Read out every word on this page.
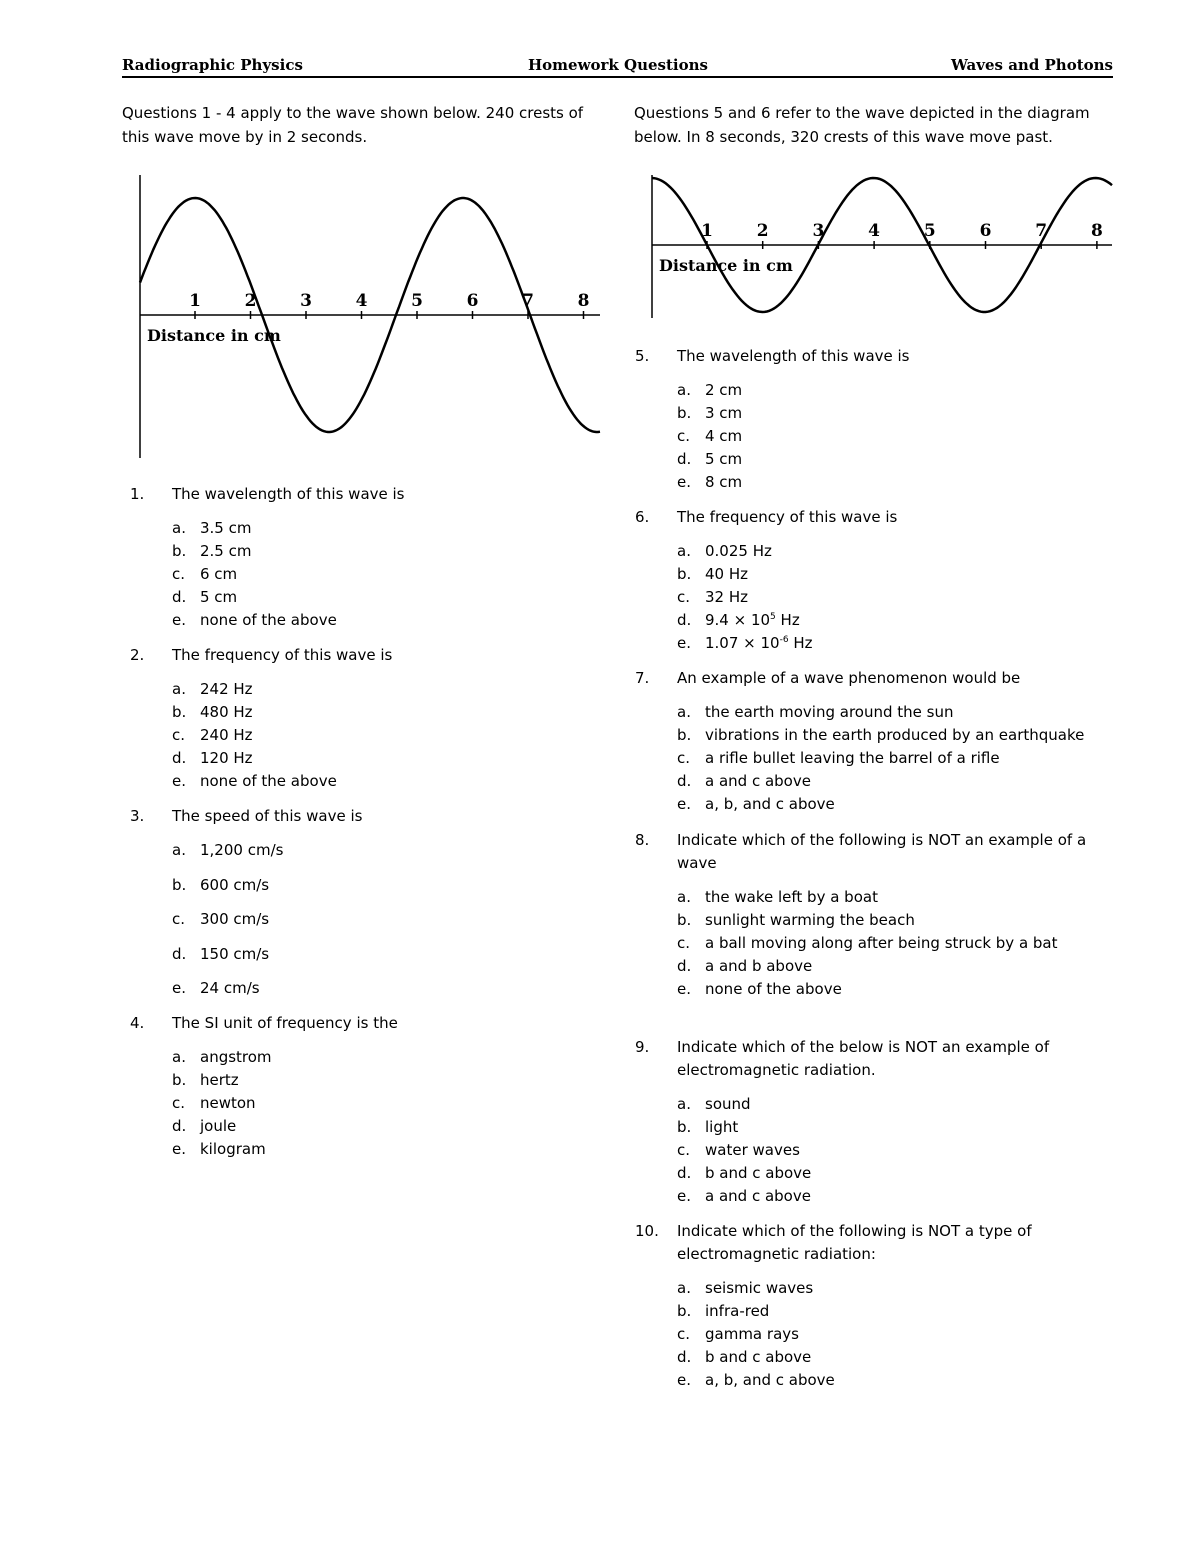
Radiographic Physics	Homework Questions	Waves and Photons
Questions 1 - 4 apply to the wave shown below. 240 crests of this wave move by in 2 seconds.
Questions 5 and 6 refer to the wave depicted in the diagram below. In 8 seconds, 320 crests of this wave move past.
1	2	3	4	5	6	7	8
Distance in cm
1	2	3	4	5	6	7	8
Distance in cm
1.	The wavelength of this wave is
a. 3.5 cm
b. 2.5 cm
c. 6 cm
d. 5 cm
e. none of the above
2.	The frequency of this wave is
a. 242 Hz
b. 480 Hz
c. 240 Hz
d. 120 Hz
e. none of the above
3.	The speed of this wave is
a. 1,200 cm/s
b. 600 cm/s
c. 300 cm/s
d. 150 cm/s
e. 24 cm/s
4.	The SI unit of frequency is the
a. angstrom
b. hertz
c. newton
d. joule
e. kilogram
5.	The wavelength of this wave is
a. 2 cm
b. 3 cm
c. 4 cm
d. 5 cm
e. 8 cm
6.	The frequency of this wave is
a. 0.025 Hz
b. 40 Hz
c. 32 Hz
d. $9.4 \times 10^5$ Hz
e. $1.07 \times 10^{-6}$ Hz
7.	An example of a wave phenomenon would be
a. the earth moving around the sun
b. vibrations in the earth produced by an earthquake
c. a rifle bullet leaving the barrel of a rifle
d. a and c above
e. a, b, and c above
8.	Indicate which of the following is NOT an example of a wave
a. the wake left by a boat
b. sunlight warming the beach
c. a ball moving along after being struck by a bat
d. a and b above
e. none of the above
9.	Indicate which of the below is NOT an example of electromagnetic radiation.
a. sound
b. light
c. water waves
d. b and c above
e. a and c above
10.	Indicate which of the following is NOT a type of electromagnetic radiation:
a. seismic waves
b. infra-red
c. gamma rays
d. b and c above
e. a, b, and c above
